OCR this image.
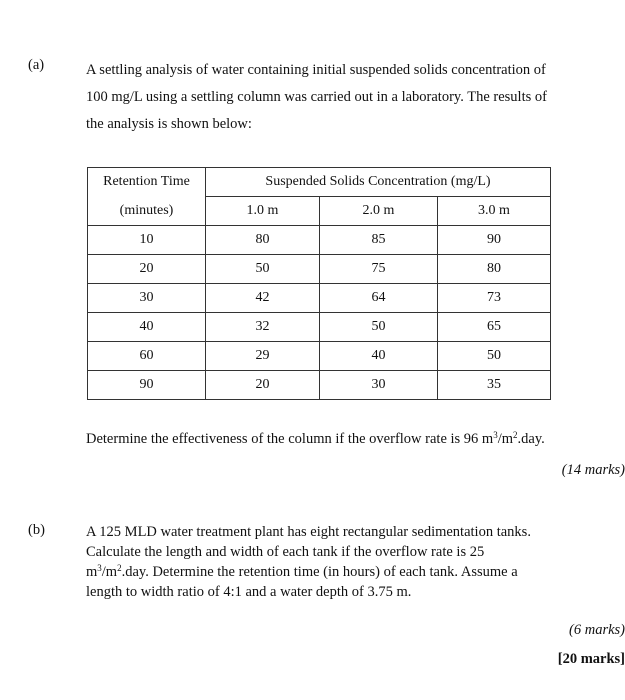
(a)	A settling analysis of water containing initial suspended solids concentration of
100 mg/L using a settling column was carried out in a laboratory. The results of
the analysis is shown below:
Retention Time	Suspended Solids Concentration (mg/L)		
(minutes)	1.0 m	2.0 m	3.0 m
10	80	85	90
20	50	75	80
30	42	64	73
40	32	50	65
60	29	40	50
90	20	30	35
Determine the effectiveness of the column if the overflow rate is 96 $m^3/m^2.day$.
(14 marks)
(b)	A 125 MLD water treatment plant has eight rectangular sedimentation tanks.
Calculate the length and width of each tank if the overflow rate is 25
$m^3/m^2.day$. Determine the retention time (in hours) of each tank. Assume a
length to width ratio of 4:1 and a water depth of 3.75 m.
(6 marks)
[20 marks]
